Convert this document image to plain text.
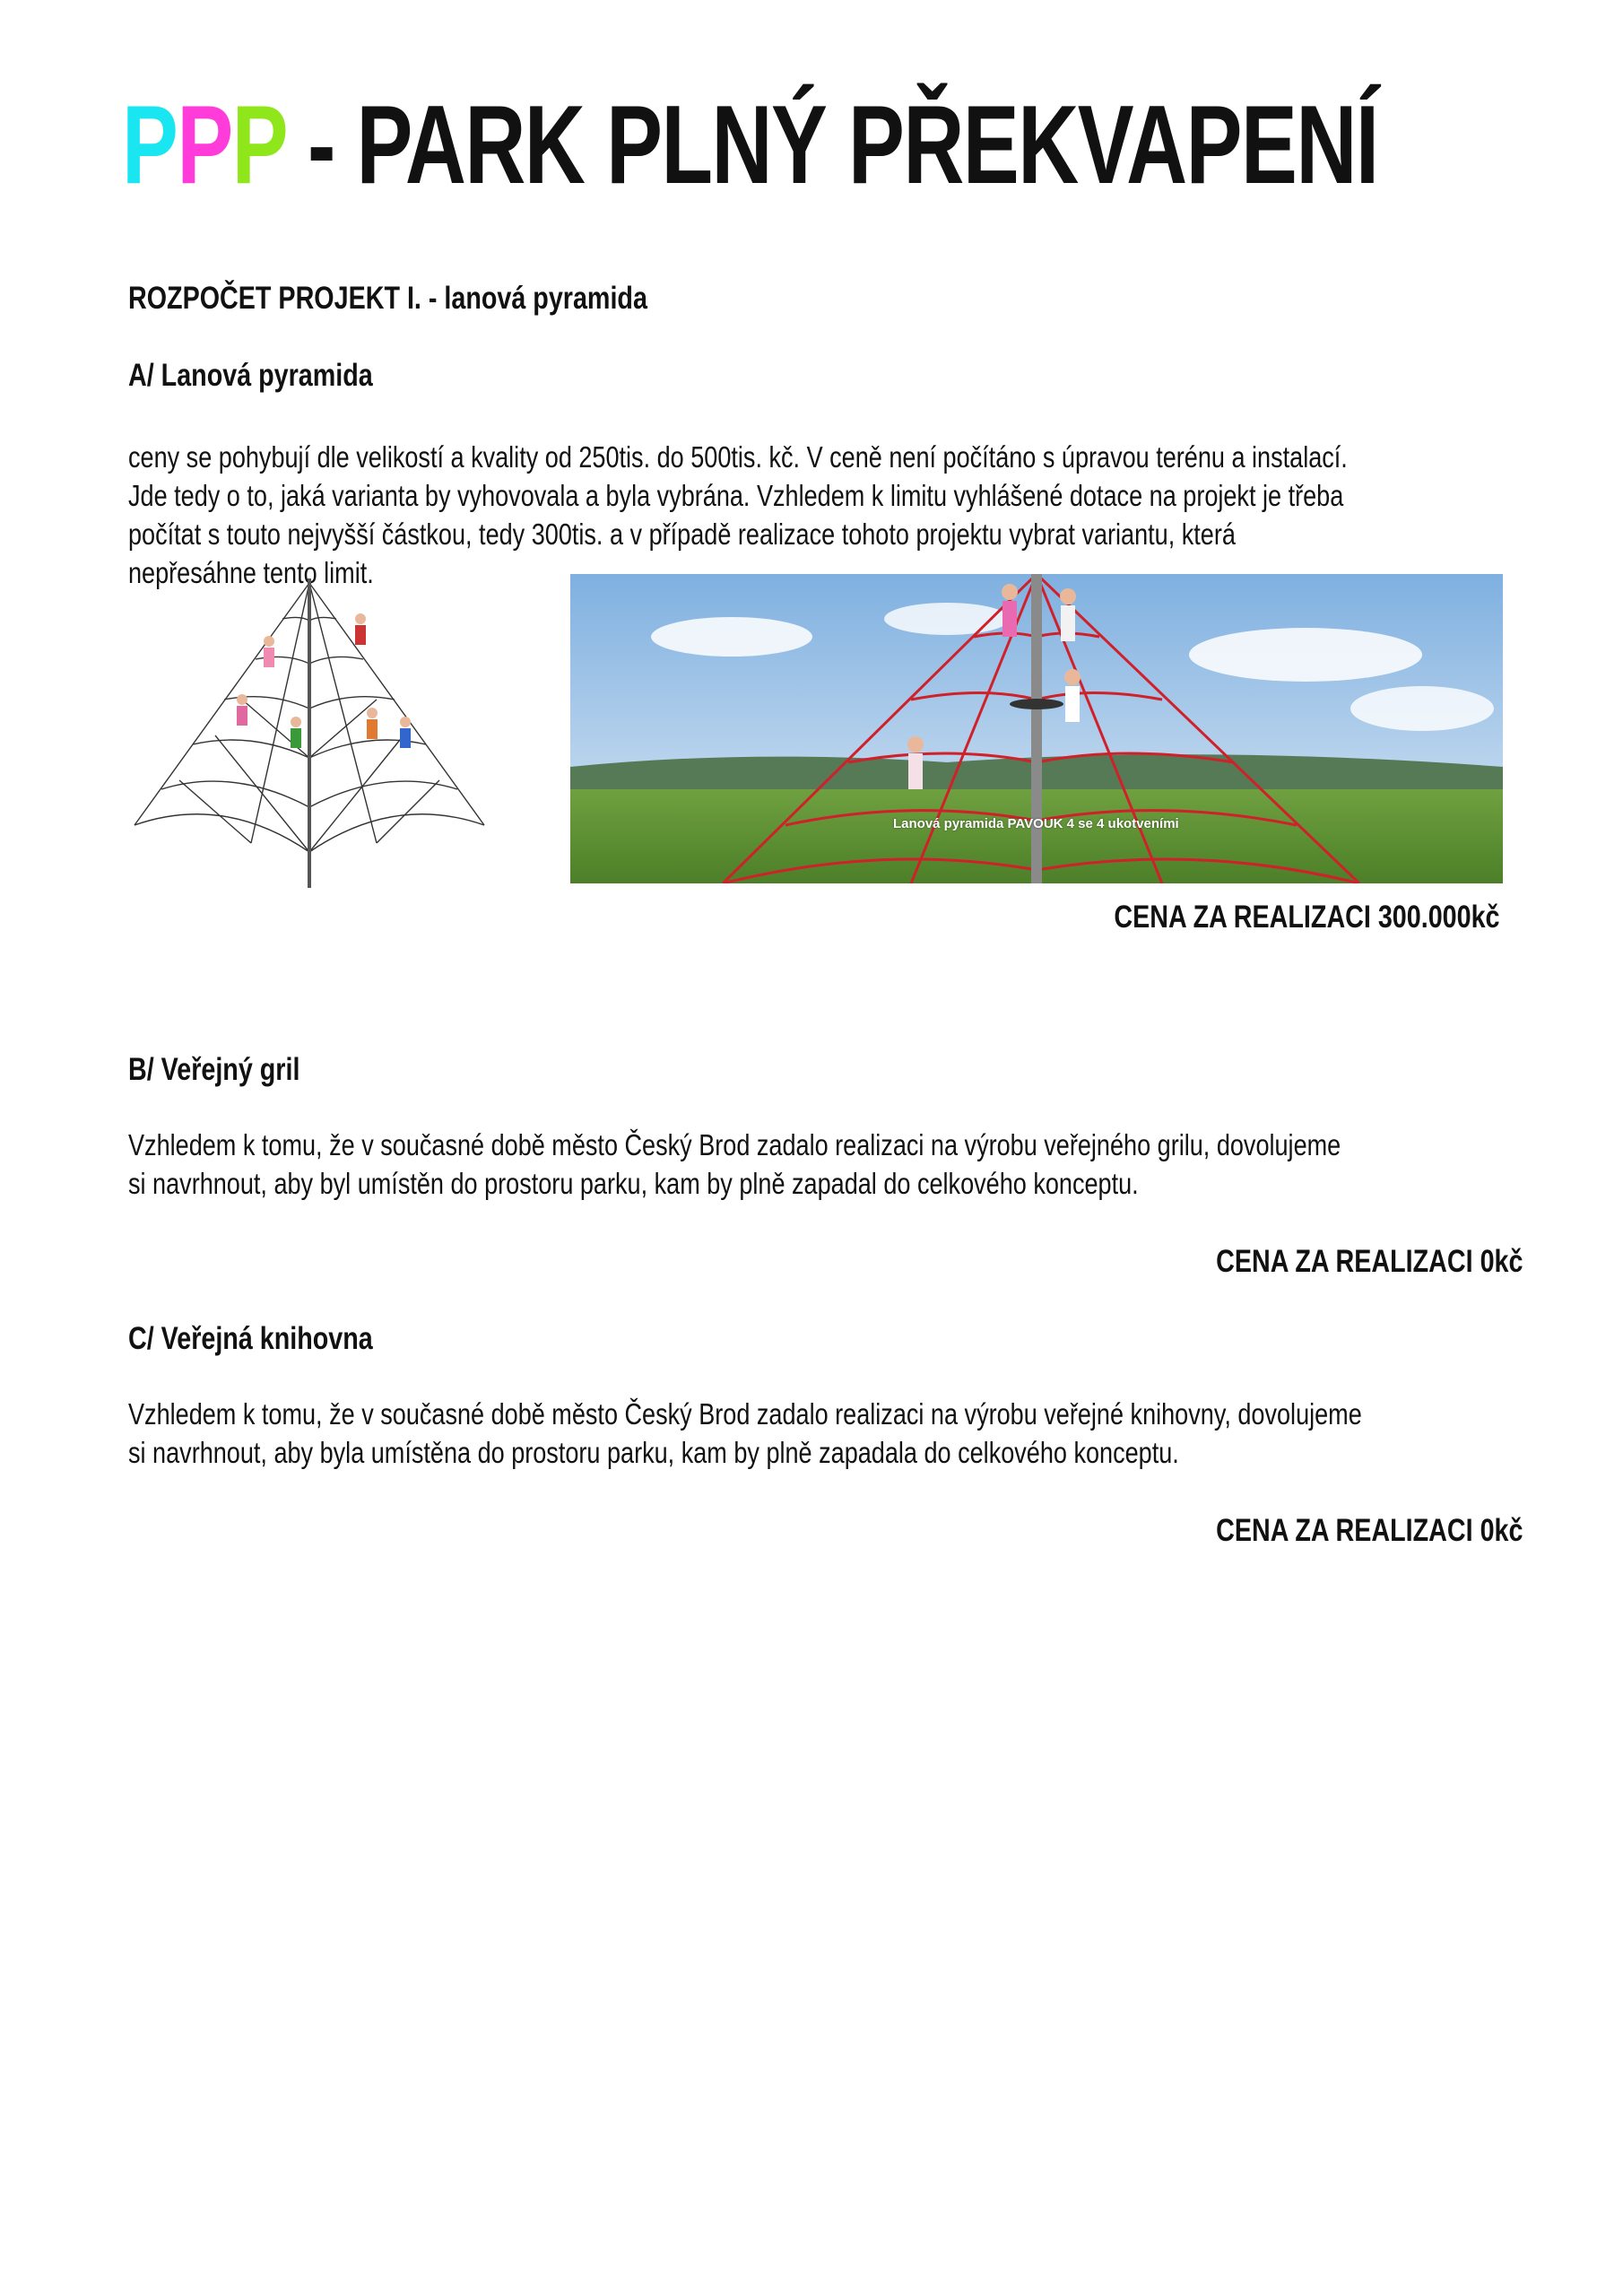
PPP - PARK PLNÝ PŘEKVAPENÍ
ROZPOČET PROJEKT I. - lanová pyramida
A/ Lanová pyramida

ceny se pohybují dle velikostí a kvality od 250tis. do 500tis. kč. V ceně není počítáno s úpravou terénu a instalací. Jde tedy o to, jaká varianta by vyhovovala a byla vybrána. Vzhledem k limitu vyhlášené dotace na projekt je třeba počítat s touto nejvyšší částkou, tedy 300tis. a v případě realizace tohoto projektu vybrat variantu, která nepřesáhne tento limit.

Lanová pyramida PAVOUK 4 se 4 ukotveními
CENA ZA REALIZACI 300.000kč
B/ Veřejný gril

Vzhledem k tomu, že v současné době město Český Brod zadalo realizaci na výrobu veřejného grilu, dovolujeme si navrhnout, aby byl umístěn do prostoru parku, kam by plně zapadal do celkového konceptu.

CENA ZA REALIZACI 0kč
C/ Veřejná knihovna

Vzhledem k tomu, že v současné době město Český Brod zadalo realizaci na výrobu veřejné knihovny, dovolujeme si navrhnout, aby byla umístěna do prostoru parku, kam by plně zapadala do celkového konceptu.

CENA ZA REALIZACI 0kč
